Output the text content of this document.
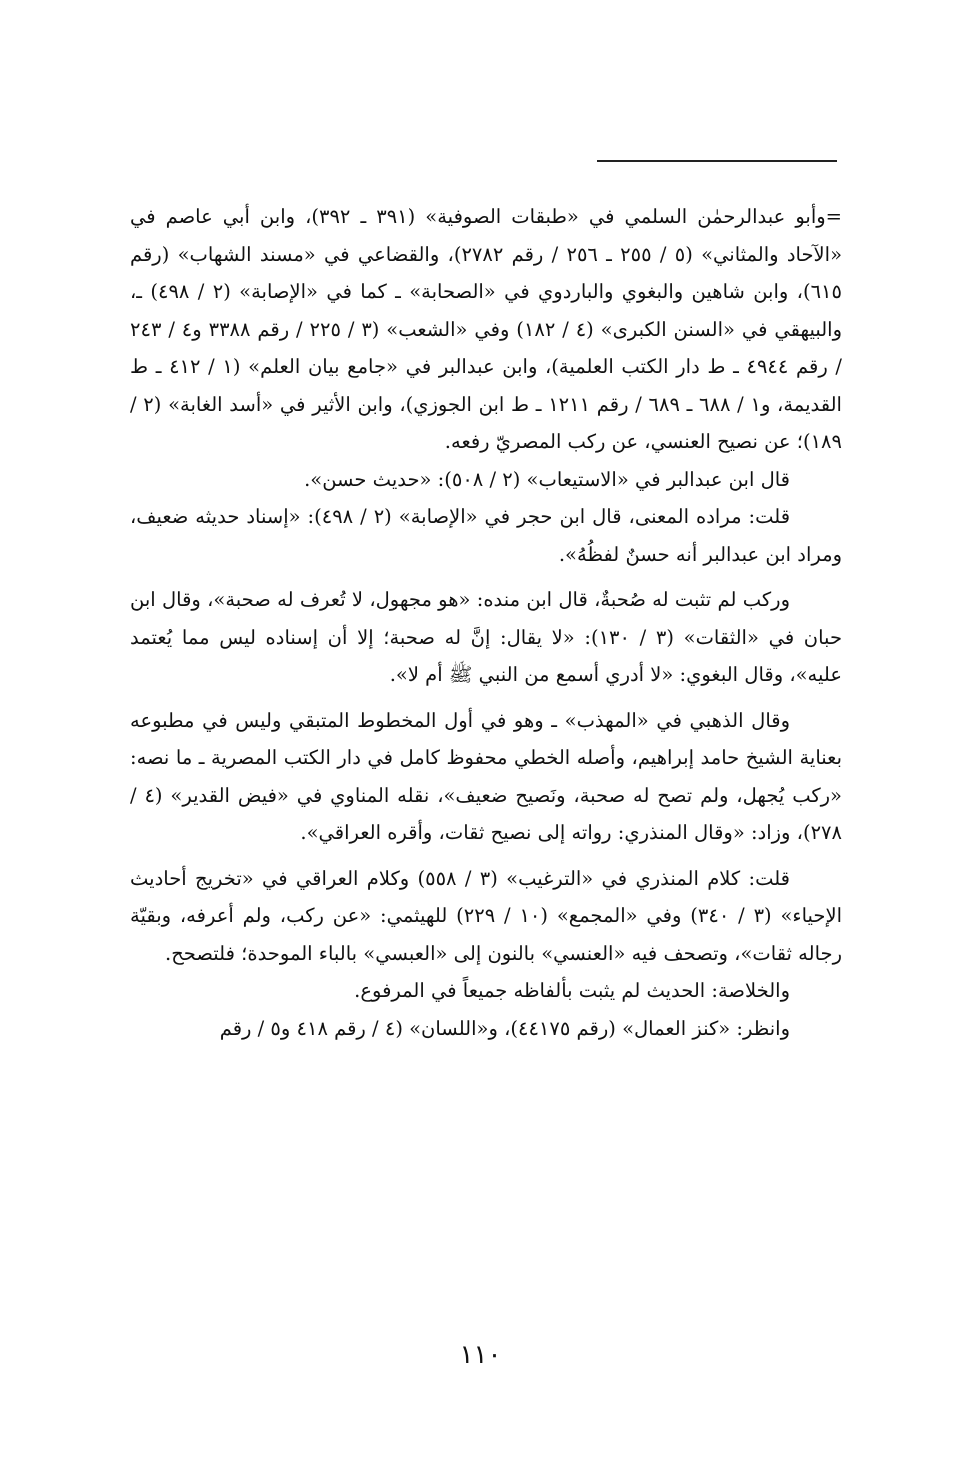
=وأبو عبدالرحمٰن السلمي في «طبقات الصوفية» (٣٩١ ـ ٣٩٢)، وابن أبي عاصم في «الآحاد والمثاني» (٥ / ٢٥٥ ـ ٢٥٦ / رقم ٢٧٨٢)، والقضاعي في «مسند الشهاب» (رقم ٦١٥)، وابن شاهين والبغوي والباردوي في «الصحابة» ـ كما في «الإصابة» (٢ / ٤٩٨) ـ، والبيهقي في «السنن الكبرى» (٤ / ١٨٢) وفي «الشعب» (٣ / ٢٢٥ / رقم ٣٣٨٨ و٤ / ٢٤٣ / رقم ٤٩٤٤ ـ ط دار الكتب العلمية)، وابن عبدالبر في «جامع بيان العلم» (١ / ٤١٢ ـ ط القديمة، و١ / ٦٨٨ ـ ٦٨٩ / رقم ١٢١١ ـ ط ابن الجوزي)، وابن الأثير في «أسد الغابة» (٢ / ١٨٩)؛ عن نصيح العنسي، عن ركب المصريّ رفعه.

قال ابن عبدالبر في «الاستيعاب» (٢ / ٥٠٨): «حديث حسن».

قلت: مراده المعنى، قال ابن حجر في «الإصابة» (٢ / ٤٩٨): «إسناد حديثه ضعيف، ومراد ابن عبدالبر أنه حسنٌ لفظُهُ».

وركب لم تثبت له صُحبةٌ، قال ابن منده: «هو مجهول، لا تُعرف له صحبة»، وقال ابن حبان في «الثقات» (٣ / ١٣٠): «لا يقال: إنَّ له صحبة؛ إلا أن إسناده ليس مما يُعتمد عليه»، وقال البغوي: «لا أدري أسمع من النبي ﷺ أم لا».

وقال الذهبي في «المهذب» ـ وهو في أول المخطوط المتبقي وليس في مطبوعه بعناية الشيخ حامد إبراهيم، وأصله الخطي محفوظ كامل في دار الكتب المصرية ـ ما نصه: «ركب يُجهل، ولم تصح له صحبة، ونَصيح ضعيف»، نقله المناوي في «فيض القدير» (٤ / ٢٧٨)، وزاد: «وقال المنذري: رواته إلى نصيح ثقات، وأقره العراقي».

قلت: كلام المنذري في «الترغيب» (٣ / ٥٥٨) وكلام العراقي في «تخريج أحاديث الإحياء» (٣ / ٣٤٠) وفي «المجمع» (١٠ / ٢٢٩) للهيثمي: «عن ركب، ولم أعرفه، وبقيّة رجاله ثقات»، وتصحف فيه «العنسي» بالنون إلى «العبسي» بالباء الموحدة؛ فلتصحح.

والخلاصة: الحديث لم يثبت بألفاظه جميعاً في المرفوع.

وانظر: «كنز العمال» (رقم ٤٤١٧٥)، و«اللسان» (٤ / رقم ٤١٨ و٥ / رقم

١١٠
